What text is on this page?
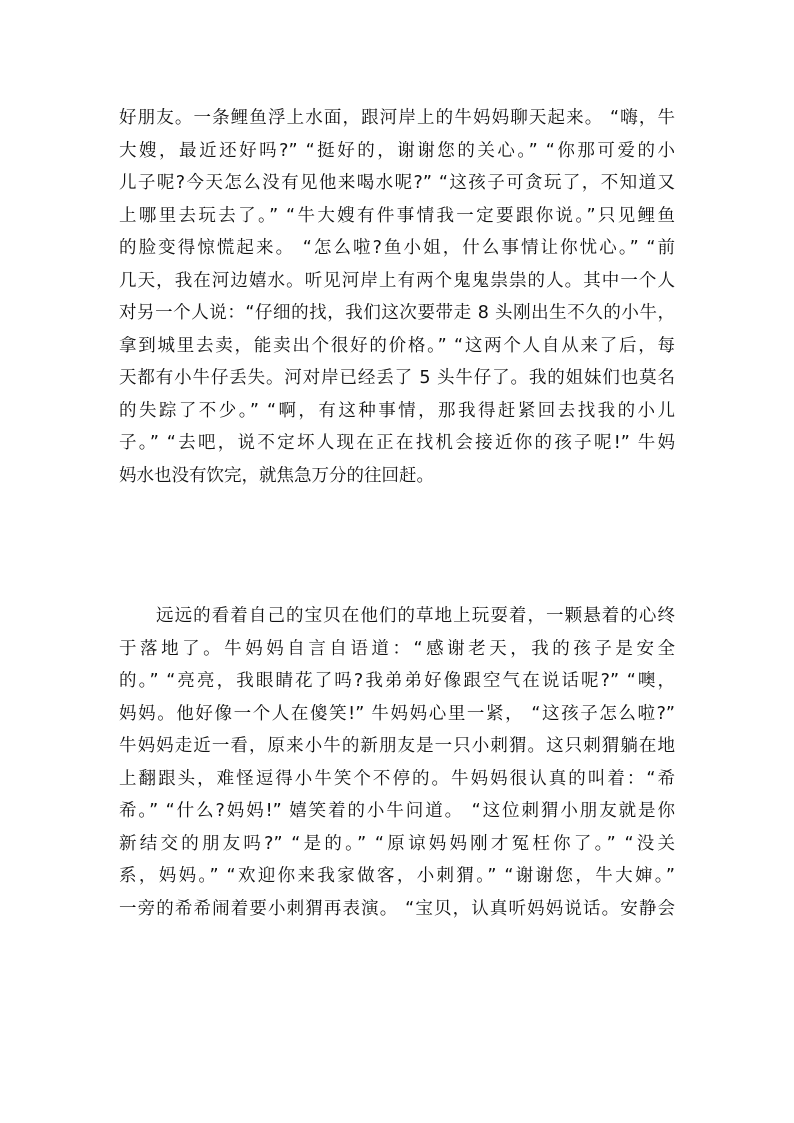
好朋友。一条鲤鱼浮上水面，跟河岸上的牛妈妈聊天起来。 “嗨，牛
大嫂，最近还好吗?” “挺好的，谢谢您的关心。” “你那可爱的小
儿子呢?今天怎么没有见他来喝水呢?” “这孩子可贪玩了，不知道又
上哪里去玩去了。” “牛大嫂有件事情我一定要跟你说。”只见鲤鱼
的脸变得惊慌起来。 “怎么啦?鱼小姐，什么事情让你忧心。” “前
几天，我在河边嬉水。听见河岸上有两个鬼鬼祟祟的人。其中一个人
对另一个人说：“仔细的找，我们这次要带走 8 头刚出生不久的小牛，
拿到城里去卖，能卖出个很好的价格。” “这两个人自从来了后，每
天都有小牛仔丢失。河对岸已经丢了 5 头牛仔了。我的姐妹们也莫名
的失踪了不少。” “啊，有这种事情，那我得赶紧回去找我的小儿
子。” “去吧，说不定坏人现在正在找机会接近你的孩子呢!” 牛妈
妈水也没有饮完，就焦急万分的往回赶。
远远的看着自己的宝贝在他们的草地上玩耍着，一颗悬着的心终
于落地了。牛妈妈自言自语道：“感谢老天，我的孩子是安全
的。” “亮亮，我眼睛花了吗?我弟弟好像跟空气在说话呢?” “噢，
妈妈。他好像一个人在傻笑!” 牛妈妈心里一紧， “这孩子怎么啦?”
牛妈妈走近一看，原来小牛的新朋友是一只小刺猬。这只刺猬躺在地
上翻跟头，难怪逗得小牛笑个不停的。牛妈妈很认真的叫着：“希
希。” “什么?妈妈!” 嬉笑着的小牛问道。 “这位刺猬小朋友就是你
新结交的朋友吗?” “是的。” “原谅妈妈刚才冤枉你了。” “没关
系，妈妈。” “欢迎你来我家做客，小刺猬。” “谢谢您，牛大婶。”
一旁的希希闹着要小刺猬再表演。 “宝贝，认真听妈妈说话。安静会
